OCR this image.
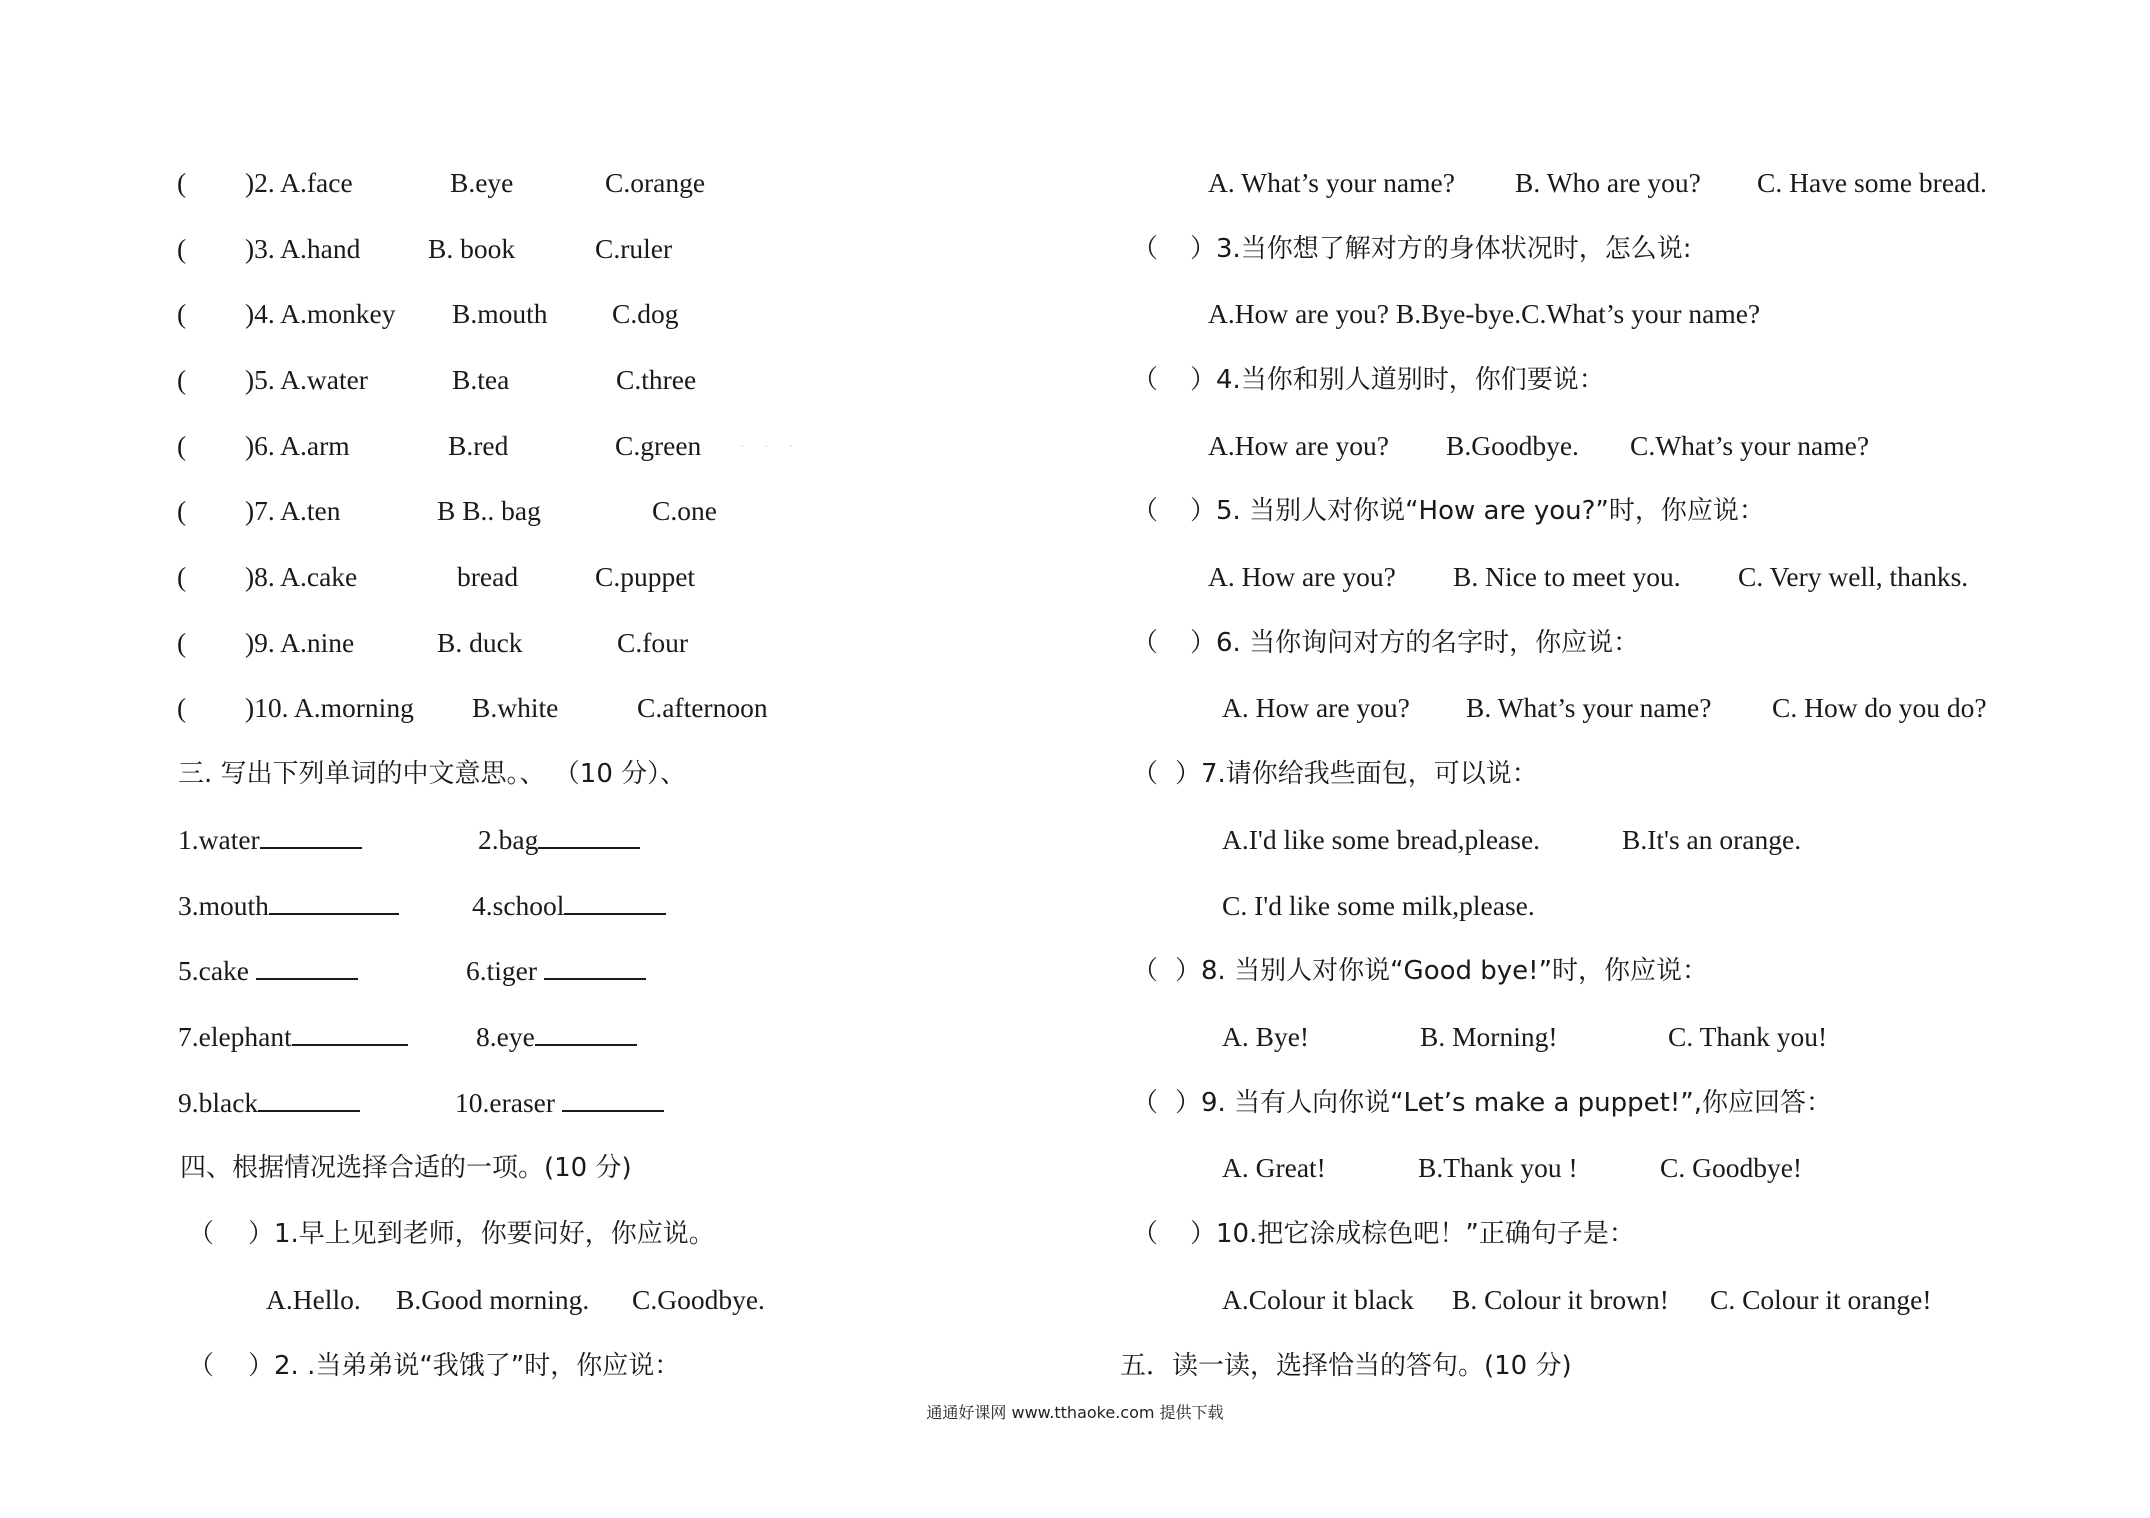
( )2. A.face	B.eye	C.orange
( )3. A.hand B. book	C.ruler
( )4. A.monkey B.mouth C.dog
( )5. A.water	B.tea	C.three
( )6. A.arm	B.red	C.green
( )7. A.ten	B B.. bag	C.one
( )8. A.cake	bread	C.puppet
( )9. A.nine	B. duck	C.four
( )10. A.morning B.white	C.afternoon
三. 写出下列单词的中文意思。、 （10 分）、
1.water	2.bag
3.mouth	4.school
5.cake	6.tiger
7.elephant	8.eye
9.black	10.eraser
四、根据情况选择合适的一项。(10 分)
（ ）1.早上见到老师，你要问好，你应说。
A.Hello. B.Good morning. C.Goodbye.
（ ）2. .当弟弟说“我饿了”时，你应说：
· · ·
A. What’s your name? B. Who are you? C. Have some bread.
（ ）3.当你想了解对方的身体状况时，怎么说:
A.How are you? B.Bye-bye.C.What’s your name?
（ ）4.当你和别人道别时，你们要说：
A.How are you? B.Goodbye. C.What’s your name?
（ ）5. 当别人对你说“How are you?”时，你应说：
A. How are you? B. Nice to meet you. C. Very well, thanks.
（ ）6. 当你询问对方的名字时，你应说：
A. How are you? B. What’s your name? C. How do you do?
（ ）7.请你给我些面包，可以说：
A.I'd like some bread,please.	B.It's an orange.
C. I'd like some milk,please.
（ ）8. 当别人对你说“Good bye!”时，你应说：
A. Bye!	B. Morning!	C. Thank you!
（ ）9. 当有人向你说“Let’s make a puppet!”,你应回答：
A. Great!	B.Thank you !	C. Goodbye!
（ ）10.把它涂成棕色吧！”正确句子是：
A.Colour it black B. Colour it brown! C. Colour it orange!
五．读一读，选择恰当的答句。(10 分)
通通好课网 www.tthaoke.com 提供下载
